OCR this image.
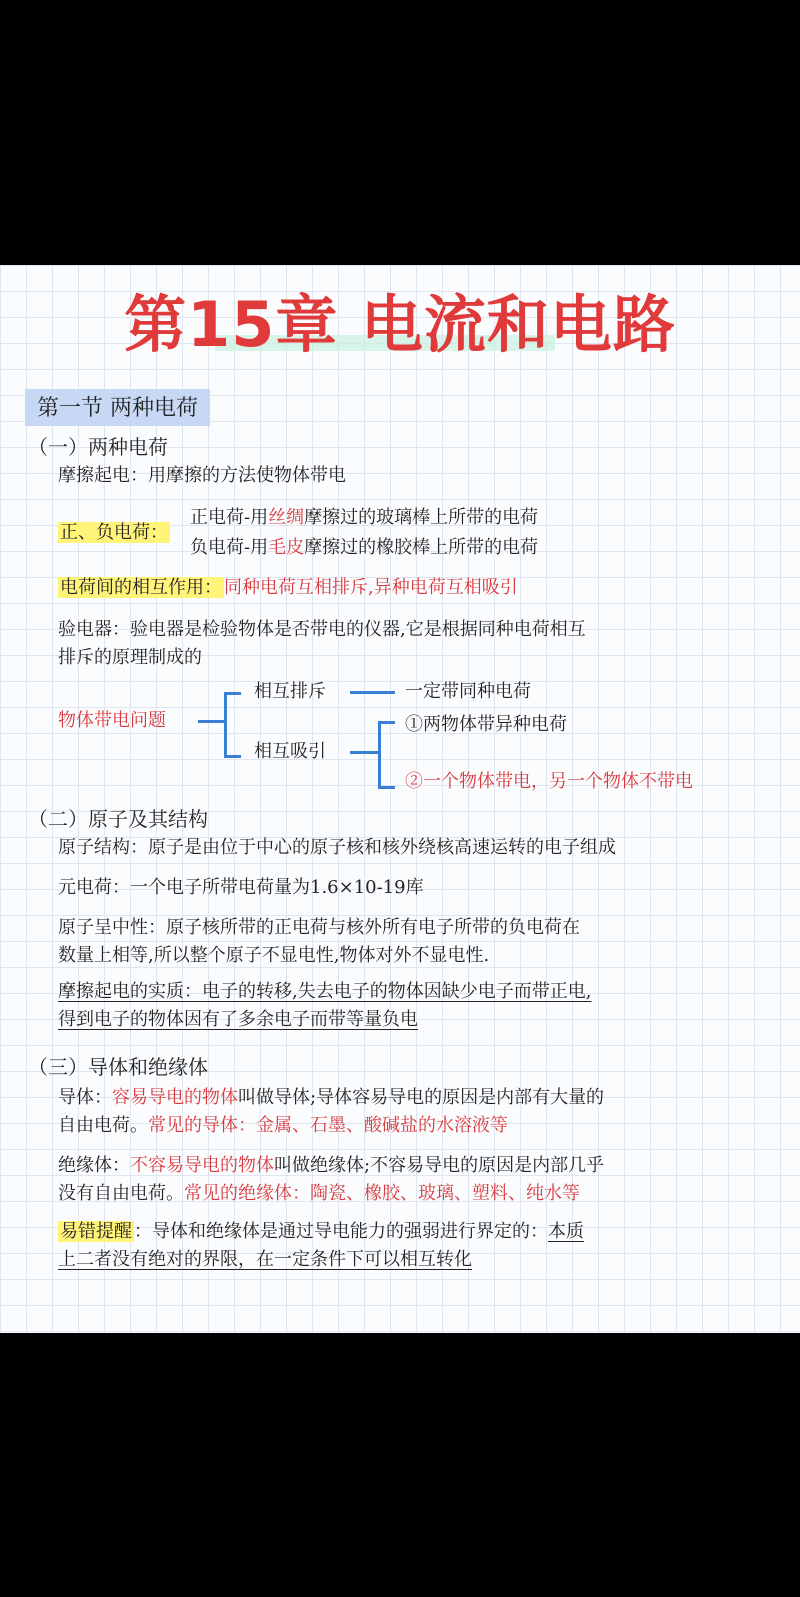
第15章 电流和电路
第一节 两种电荷
（一）两种电荷
摩擦起电：用摩擦的方法使物体带电
正、负电荷：
正电荷-用丝绸摩擦过的玻璃棒上所带的电荷
负电荷-用毛皮摩擦过的橡胶棒上所带的电荷
电荷间的相互作用： 同种电荷互相排斥,异种电荷互相吸引
验电器：验电器是检验物体是否带电的仪器,它是根据同种电荷相互
排斥的原理制成的
物体带电问题
相互排斥	一定带同种电荷
相互吸引
①两物体带异种电荷
②一个物体带电，另一个物体不带电
（二）原子及其结构
原子结构：原子是由位于中心的原子核和核外绕核高速运转的电子组成
元电荷：一个电子所带电荷量为1.6×10-19库
原子呈中性：原子核所带的正电荷与核外所有电子所带的负电荷在
数量上相等,所以整个原子不显电性,物体对外不显电性.
摩擦起电的实质：电子的转移,失去电子的物体因缺少电子而带正电,
得到电子的物体因有了多余电子而带等量负电
（三）导体和绝缘体
导体：容易导电的物体叫做导体;导体容易导电的原因是内部有大量的
自由电荷。常见的导体：金属、石墨、酸碱盐的水溶液等
绝缘体：不容易导电的物体叫做绝缘体;不容易导电的原因是内部几乎
没有自由电荷。常见的绝缘体：陶瓷、橡胶、玻璃、塑料、纯水等
易错提醒 ：导体和绝缘体是通过导电能力的强弱进行界定的：本质
上二者没有绝对的界限，在一定条件下可以相互转化
